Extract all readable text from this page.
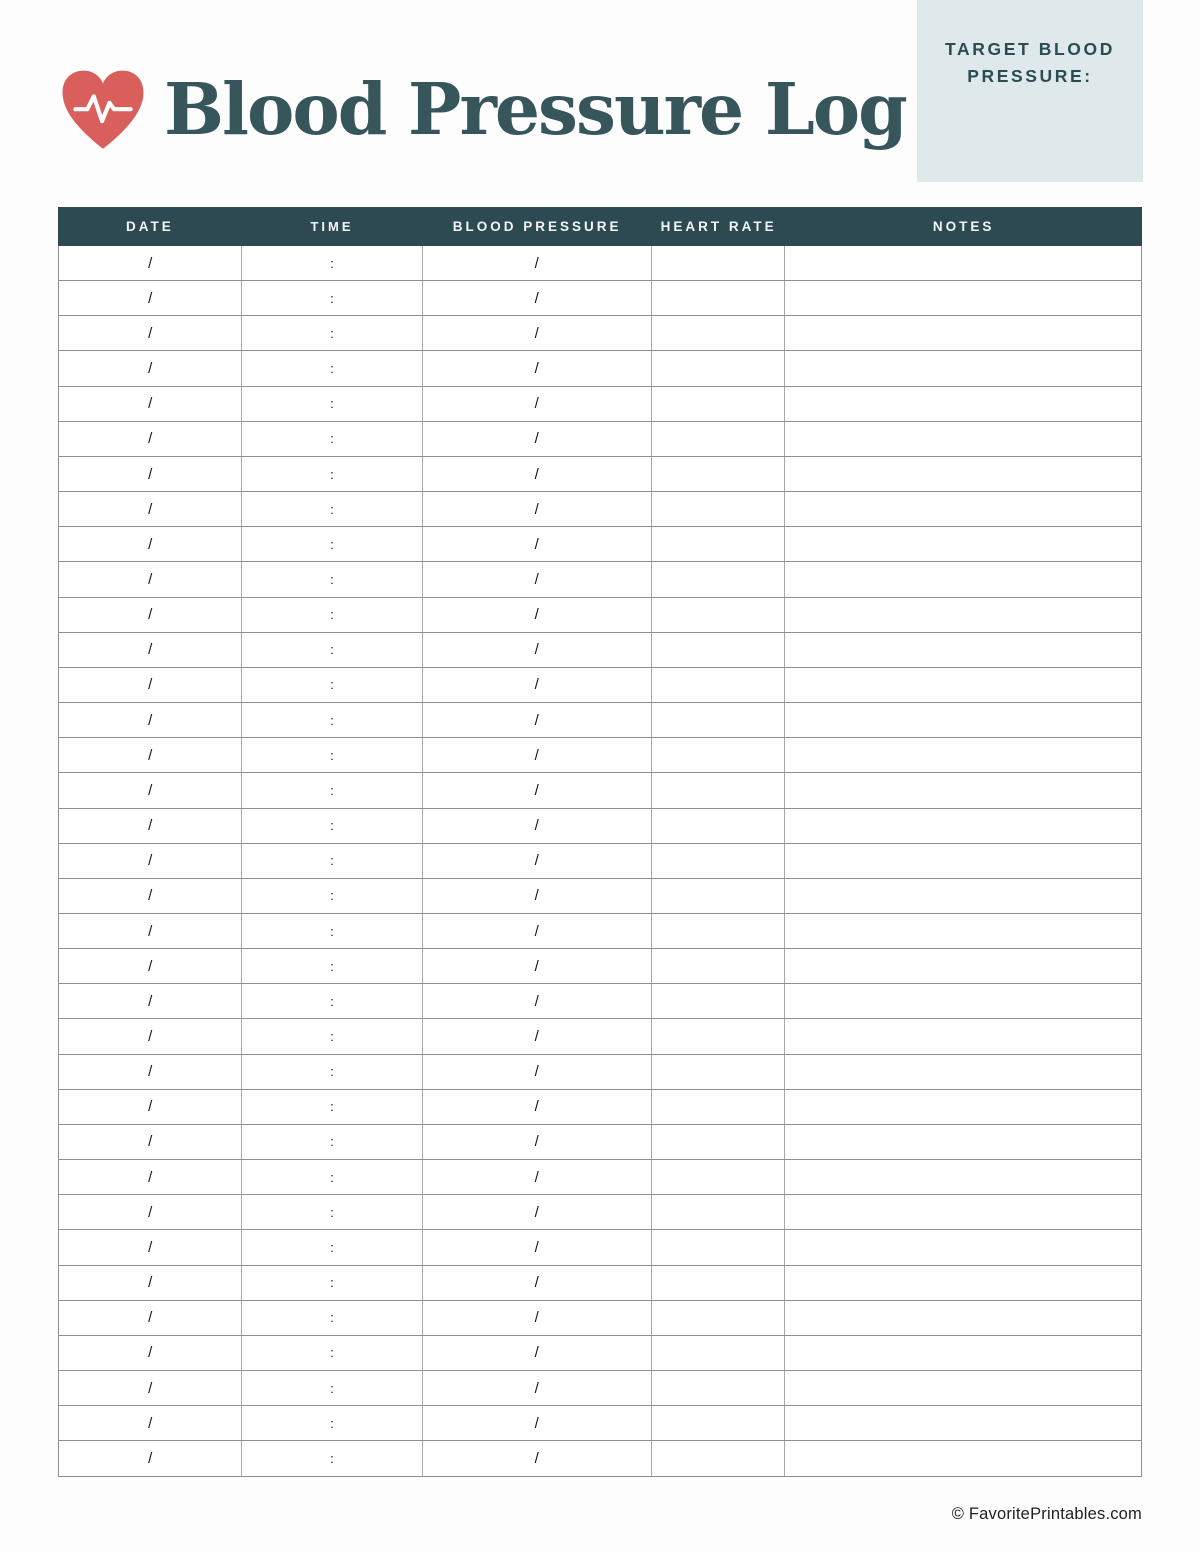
Blood Pressure Log
TARGET BLOOD PRESSURE:
DATE	TIME	BLOOD PRESSURE	HEART RATE	NOTES
/	:	/
/	:	/
/	:	/
/	:	/
/	:	/
/	:	/
/	:	/
/	:	/
/	:	/
/	:	/
/	:	/
/	:	/
/	:	/
/	:	/
/	:	/
/	:	/
/	:	/
/	:	/
/	:	/
/	:	/
/	:	/
/	:	/
/	:	/
/	:	/
/	:	/
/	:	/
/	:	/
/	:	/
/	:	/
/	:	/
/	:	/
/	:	/
/	:	/
/	:	/
/	:	/
© FavoritePrintables.com
